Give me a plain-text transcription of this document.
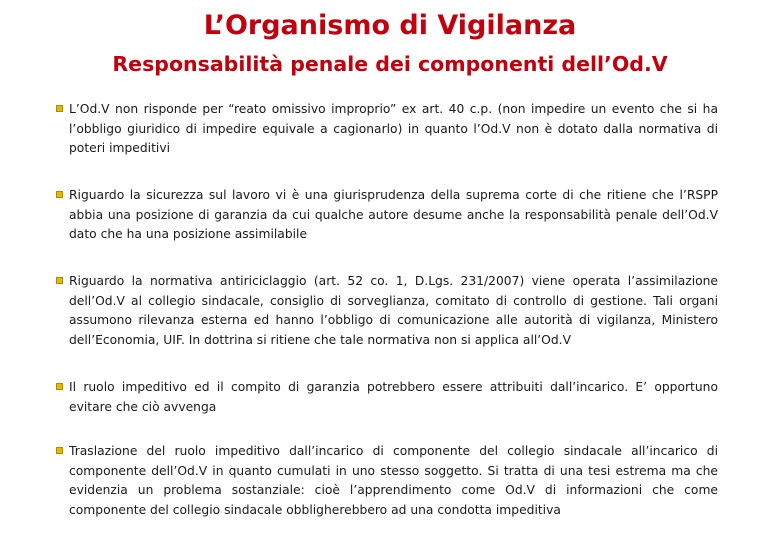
L’Organismo di Vigilanza
Responsabilità penale dei componenti dell’Od.V
L’Od.V non risponde per “reato omissivo improprio” ex art. 40 c.p. (non impedire un evento che si ha l’obbligo giuridico di impedire equivale a cagionarlo) in quanto l’Od.V non è dotato dalla normativa di poteri impeditivi
Riguardo la sicurezza sul lavoro vi è una giurisprudenza della suprema corte di che ritiene che l’RSPP abbia una posizione di garanzia da cui qualche autore desume anche la responsabilità penale dell’Od.V dato che ha una posizione assimilabile
Riguardo la normativa antiriciclaggio (art. 52 co. 1, D.Lgs. 231/2007) viene operata l’assimilazione dell’Od.V al collegio sindacale, consiglio di sorveglianza, comitato di controllo di gestione. Tali organi assumono rilevanza esterna ed hanno l’obbligo di comunicazione alle autorità di vigilanza, Ministero dell’Economia, UIF. In dottrina si ritiene che tale normativa non si applica all’Od.V
Il ruolo impeditivo ed il compito di garanzia potrebbero essere attribuiti dall’incarico. E’ opportuno evitare che ciò avvenga
Traslazione del ruolo impeditivo dall’incarico di componente del collegio sindacale all’incarico di componente dell’Od.V in quanto cumulati in uno stesso soggetto. Si tratta di una tesi estrema ma che evidenzia un problema sostanziale: cioè l’apprendimento come Od.V di informazioni che come componente del collegio sindacale obbligherebbero ad una condotta impeditiva
